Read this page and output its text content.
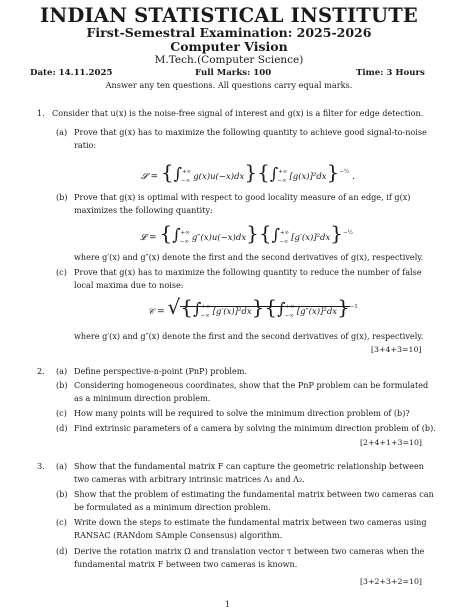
INDIAN STATISTICAL INSTITUTE
First-Semestral Examination: 2025-2026
Computer Vision
M.Tech.(Computer Science)
Date: 14.11.2025	Full Marks: 100	Time: 3 Hours
Answer any ten questions. All questions carry equal marks.
1. Consider that u(x) is the noise-free signal of interest and g(x) is a filter for edge detection.
(a) Prove that g(x) has to maximize the following quantity to achieve good signal-to-noise
ratio:
𝓢 = {$\int^{+\infty}_{-\infty}$ $g(x)u(-x)dx\}\{\int^{+\infty}_{-\infty}$ [g(x)]²dx}$^{-\frac{1}{2}}$ .
(b) Prove that g(x) is optimal with respect to good locality measure of an edge, if g(x)
maximizes the following quantity:
𝓛 = {$\int^{+\infty}_{-\infty}$ $g''(x)u(-x)dx\}\{\int^{+\infty}_{-\infty}$ [g′(x)]²dx}$^{-\frac{1}{2}}$
where g′(x) and g″(x) denote the first and the second derivatives of g(x), respectively.
(c) Prove that g(x) has to maximize the following quantity to reduce the number of false
local maxima due to noise:
𝒞 = $√\{\int^{+\infty}_{-\infty}$ $[g'(x)]^2dx\}\{\int^{+\infty}_{-\infty}$ [g″(x)]²dx}$^{-1}$
where g′(x) and g″(x) denote the first and the second derivatives of g(x), respectively.
[3+4+3=10]
2. (a) Define perspective-n-point (PnP) problem.
(b) Considering homogeneous coordinates, show that the PnP problem can be formulated
as a minimum direction problem.
(c) How many points will be required to solve the minimum direction problem of (b)?
(d) Find extrinsic parameters of a camera by solving the minimum direction problem of (b).
[2+4+1+3=10]
3. (a) Show that the fundamental matrix F can capture the geometric relationship between
two cameras with arbitrary intrinsic matrices Λ₁ and Λ₂.
(b) Show that the problem of estimating the fundamental matrix between two cameras can
be formulated as a minimum direction problem.
(c) Write down the steps to estimate the fundamental matrix between two cameras using
RANSAC (RANdom SAmple Consensus) algorithm.
(d) Derive the rotation matrix Ω and translation vector τ between two cameras when the
fundamental matrix F between two cameras is known.
[3+2+3+2=10]
1
